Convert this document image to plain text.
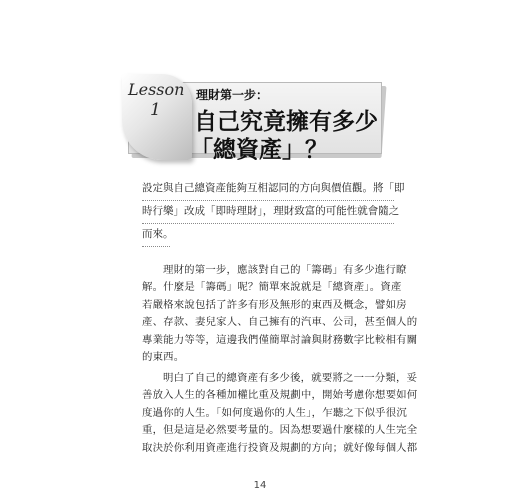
Lesson
1
理財第一步：
自己究竟擁有多少
「總資產」？
設定與自己總資產能夠互相認同的方向與價值觀。將「即
時行樂」改成「即時理財」，理財致富的可能性就會隨之
而來。
理財的第一步，應該對自己的「籌碼」有多少進行瞭
解。什麼是「籌碼」呢？簡單來說就是「總資產」。資產
若嚴格來說包括了許多有形及無形的東西及概念，譬如房
產、存款、妻兒家人、自己擁有的汽車、公司，甚至個人的
專業能力等等，這邊我們僅簡單討論與財務數字比較相有關
的東西。
明白了自己的總資產有多少後，就要將之一一分類，妥
善放入人生的各種加權比重及規劃中，開始考慮你想要如何
度過你的人生。「如何度過你的人生」，乍聽之下似乎很沉
重，但是這是必然要考量的。因為想要過什麼樣的人生完全
取決於你利用資產進行投資及規劃的方向；就好像每個人都
14
